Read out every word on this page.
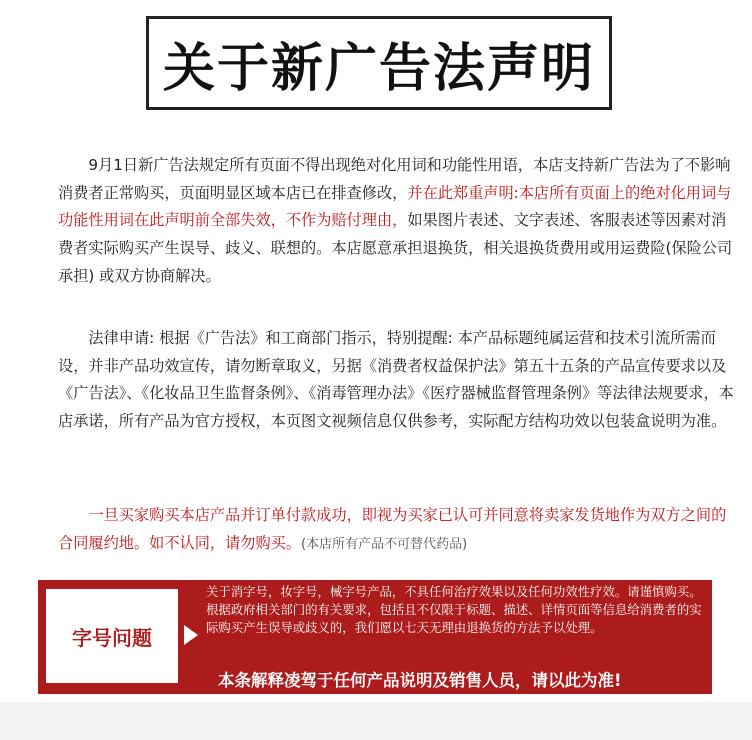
关于新广告法声明

9月1日新广告法规定所有页面不得出现绝对化用词和功能性用语，本店支持新广告法为了不影响消费者正常购买，页面明显区域本店已在排查修改，并在此郑重声明:本店所有页面上的绝对化用词与功能性用词在此声明前全部失效，不作为赔付理由，如果图片表述、文字表述、客服表述等因素对消费者实际购买产生误导、歧义、联想的。本店愿意承担退换货，相关退换货费用或用运费险(保险公司承担) 或双方协商解决。

法律申请: 根据《广告法》和工商部门指示，特别提醒: 本产品标题纯属运营和技术引流所需而设，并非产品功效宣传，请勿断章取义，另据《消费者权益保护法》第五十五条的产品宣传要求以及《广告法》、《化妆品卫生监督条例》、《消毒管理办法》《医疗器械监督管理条例》等法律法规要求，本店承诺，所有产品为官方授权，本页图文视频信息仅供参考，实际配方结构功效以包装盒说明为准。

一旦买家购买本店产品并订单付款成功，即视为买家已认可并同意将卖家发货地作为双方之间的合同履约地。如不认同，请勿购买。(本店所有产品不可替代药品)

字号问题

关于消字号，妆字号，械字号产品，不具任何治疗效果以及任何功效性疗效。请谨慎购买。根据政府相关部门的有关要求，包括且不仅限于标题、描述、详情页面等信息给消费者的实际购买产生误导或歧义的，我们愿以七天无理由退换货的方法予以处理。

本条解释凌驾于任何产品说明及销售人员，请以此为准!
